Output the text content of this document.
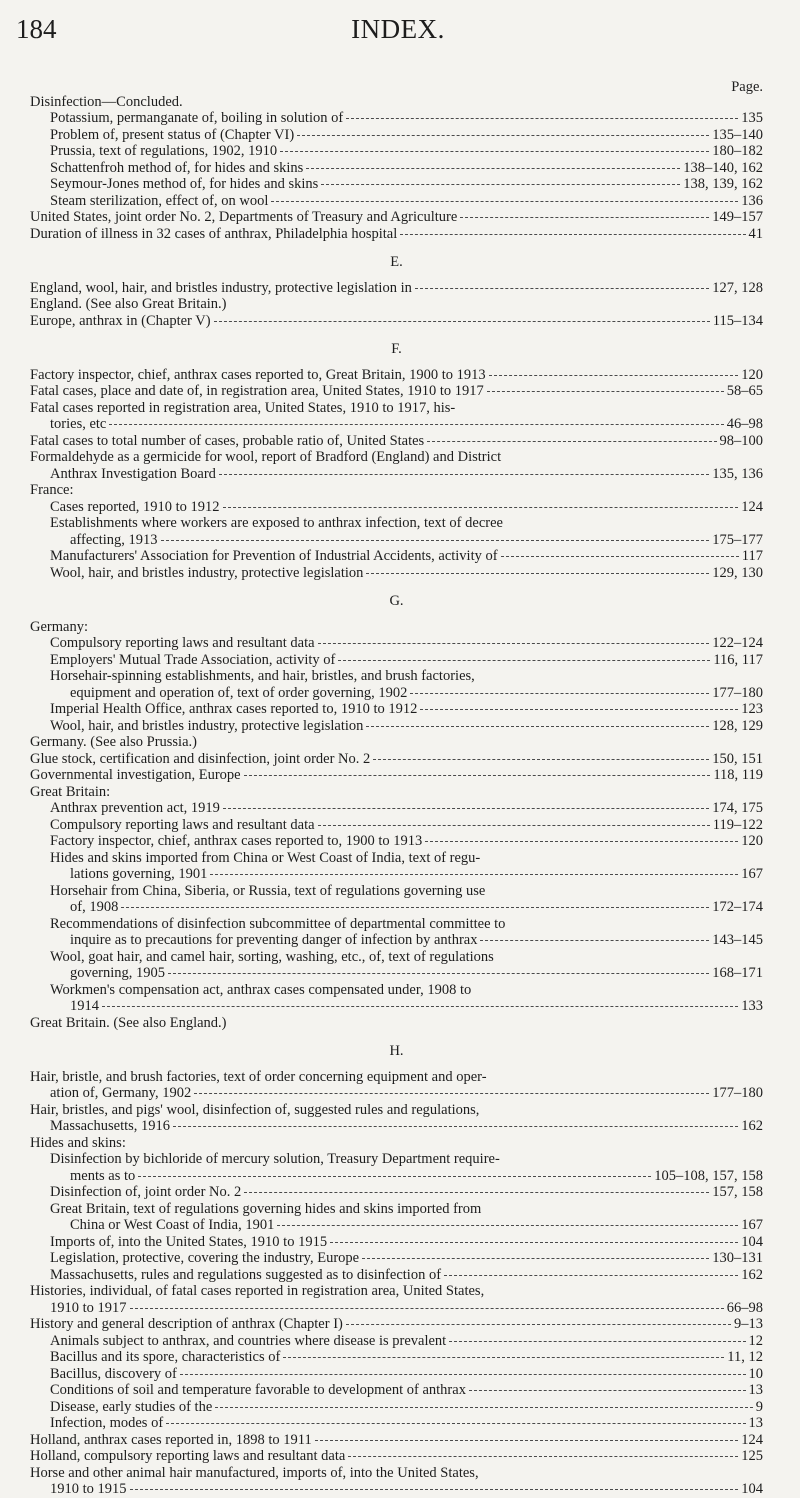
184	INDEX.
Page.
Disinfection—Concluded.
Potassium, permanganate of, boiling in solution of	135
Problem of, present status of (Chapter VI)	135–140
Prussia, text of regulations, 1902, 1910	180–182
Schattenfroh method of, for hides and skins	138–140, 162
Seymour-Jones method of, for hides and skins	138, 139, 162
Steam sterilization, effect of, on wool	136
United States, joint order No. 2, Departments of Treasury and Agriculture	149–157
Duration of illness in 32 cases of anthrax, Philadelphia hospital	41
E.
England, wool, hair, and bristles industry, protective legislation in	127, 128
England. (See also Great Britain.)
Europe, anthrax in (Chapter V)	115–134
F.
Factory inspector, chief, anthrax cases reported to, Great Britain, 1900 to 1913	120
Fatal cases, place and date of, in registration area, United States, 1910 to 1917	58–65
Fatal cases reported in registration area, United States, 1910 to 1917, his-
tories, etc	46–98
Fatal cases to total number of cases, probable ratio of, United States	98–100
Formaldehyde as a germicide for wool, report of Bradford (England) and District
Anthrax Investigation Board	135, 136
France:
Cases reported, 1910 to 1912	124
Establishments where workers are exposed to anthrax infection, text of decree
affecting, 1913	175–177
Manufacturers' Association for Prevention of Industrial Accidents, activity of	117
Wool, hair, and bristles industry, protective legislation	129, 130
G.
Germany:
Compulsory reporting laws and resultant data	122–124
Employers' Mutual Trade Association, activity of	116, 117
Horsehair-spinning establishments, and hair, bristles, and brush factories,
equipment and operation of, text of order governing, 1902	177–180
Imperial Health Office, anthrax cases reported to, 1910 to 1912	123
Wool, hair, and bristles industry, protective legislation	128, 129
Germany. (See also Prussia.)
Glue stock, certification and disinfection, joint order No. 2	150, 151
Governmental investigation, Europe	118, 119
Great Britain:
Anthrax prevention act, 1919	174, 175
Compulsory reporting laws and resultant data	119–122
Factory inspector, chief, anthrax cases reported to, 1900 to 1913	120
Hides and skins imported from China or West Coast of India, text of regu-
lations governing, 1901	167
Horsehair from China, Siberia, or Russia, text of regulations governing use
of, 1908	172–174
Recommendations of disinfection subcommittee of departmental committee to
inquire as to precautions for preventing danger of infection by anthrax	143–145
Wool, goat hair, and camel hair, sorting, washing, etc., of, text of regulations
governing, 1905	168–171
Workmen's compensation act, anthrax cases compensated under, 1908 to
1914	133
Great Britain. (See also England.)
H.
Hair, bristle, and brush factories, text of order concerning equipment and oper-
ation of, Germany, 1902	177–180
Hair, bristles, and pigs' wool, disinfection of, suggested rules and regulations,
Massachusetts, 1916	162
Hides and skins:
Disinfection by bichloride of mercury solution, Treasury Department require-
ments as to	105–108, 157, 158
Disinfection of, joint order No. 2	157, 158
Great Britain, text of regulations governing hides and skins imported from
China or West Coast of India, 1901	167
Imports of, into the United States, 1910 to 1915	104
Legislation, protective, covering the industry, Europe	130–131
Massachusetts, rules and regulations suggested as to disinfection of	162
Histories, individual, of fatal cases reported in registration area, United States,
1910 to 1917	66–98
History and general description of anthrax (Chapter I)	9–13
Animals subject to anthrax, and countries where disease is prevalent	12
Bacillus and its spore, characteristics of	11, 12
Bacillus, discovery of	10
Conditions of soil and temperature favorable to development of anthrax	13
Disease, early studies of the	9
Infection, modes of	13
Holland, anthrax cases reported in, 1898 to 1911	124
Holland, compulsory reporting laws and resultant data	125
Horse and other animal hair manufactured, imports of, into the United States,
1910 to 1915	104
